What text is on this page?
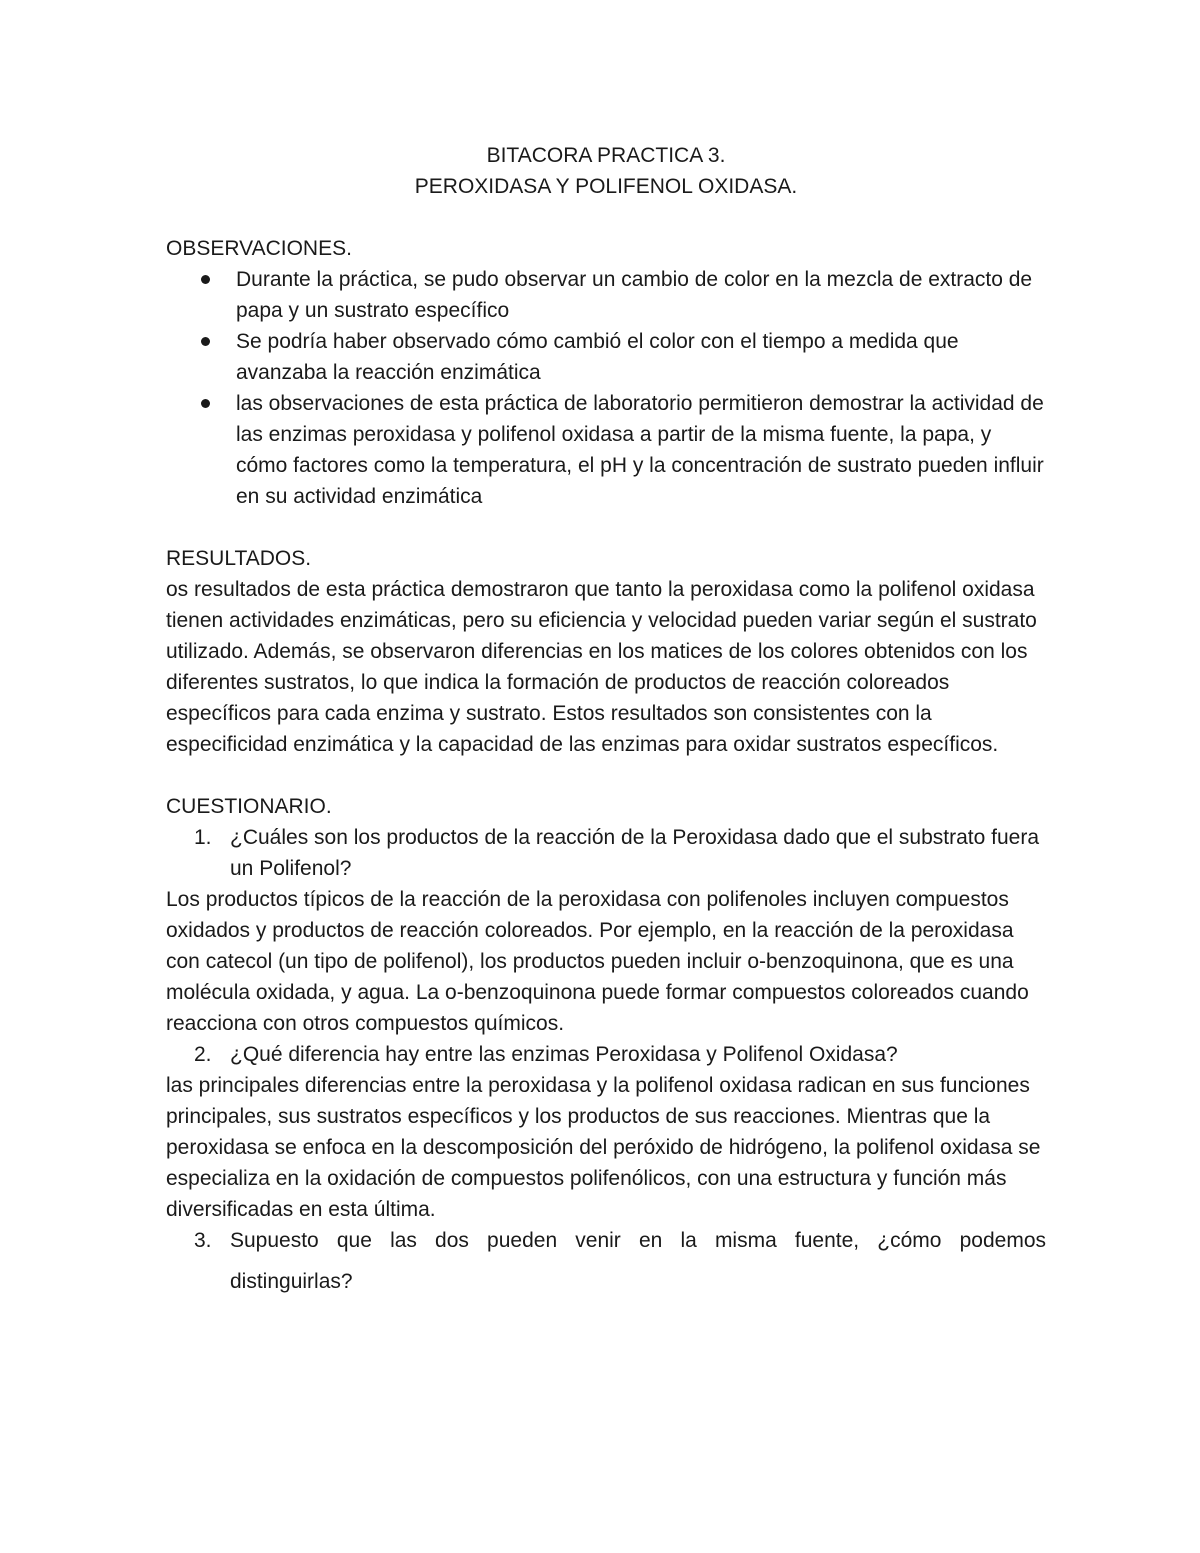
BITACORA PRACTICA 3.

PEROXIDASA Y POLIFENOL OXIDASA.

OBSERVACIONES.

Durante la práctica, se pudo observar un cambio de color en la mezcla de extracto de papa y un sustrato específico
Se podría haber observado cómo cambió el color con el tiempo a medida que avanzaba la reacción enzimática
las observaciones de esta práctica de laboratorio permitieron demostrar la actividad de las enzimas peroxidasa y polifenol oxidasa a partir de la misma fuente, la papa, y cómo factores como la temperatura, el pH y la concentración de sustrato pueden influir en su actividad enzimática

RESULTADOS.

os resultados de esta práctica demostraron que tanto la peroxidasa como la polifenol oxidasa tienen actividades enzimáticas, pero su eficiencia y velocidad pueden variar según el sustrato utilizado. Además, se observaron diferencias en los matices de los colores obtenidos con los diferentes sustratos, lo que indica la formación de productos de reacción coloreados específicos para cada enzima y sustrato. Estos resultados son consistentes con la especificidad enzimática y la capacidad de las enzimas para oxidar sustratos específicos.

CUESTIONARIO.

1. ¿Cuáles son los productos de la reacción de la Peroxidasa dado que el substrato fuera un Polifenol?

Los productos típicos de la reacción de la peroxidasa con polifenoles incluyen compuestos oxidados y productos de reacción coloreados. Por ejemplo, en la reacción de la peroxidasa con catecol (un tipo de polifenol), los productos pueden incluir o-benzoquinona, que es una molécula oxidada, y agua. La o-benzoquinona puede formar compuestos coloreados cuando reacciona con otros compuestos químicos.

2. ¿Qué diferencia hay entre las enzimas Peroxidasa y Polifenol Oxidasa?

las principales diferencias entre la peroxidasa y la polifenol oxidasa radican en sus funciones principales, sus sustratos específicos y los productos de sus reacciones. Mientras que la peroxidasa se enfoca en la descomposición del peróxido de hidrógeno, la polifenol oxidasa se especializa en la oxidación de compuestos polifenólicos, con una estructura y función más diversificadas en esta última.

3. Supuesto que las dos pueden venir en la misma fuente, ¿cómo podemos
distinguirlas?
